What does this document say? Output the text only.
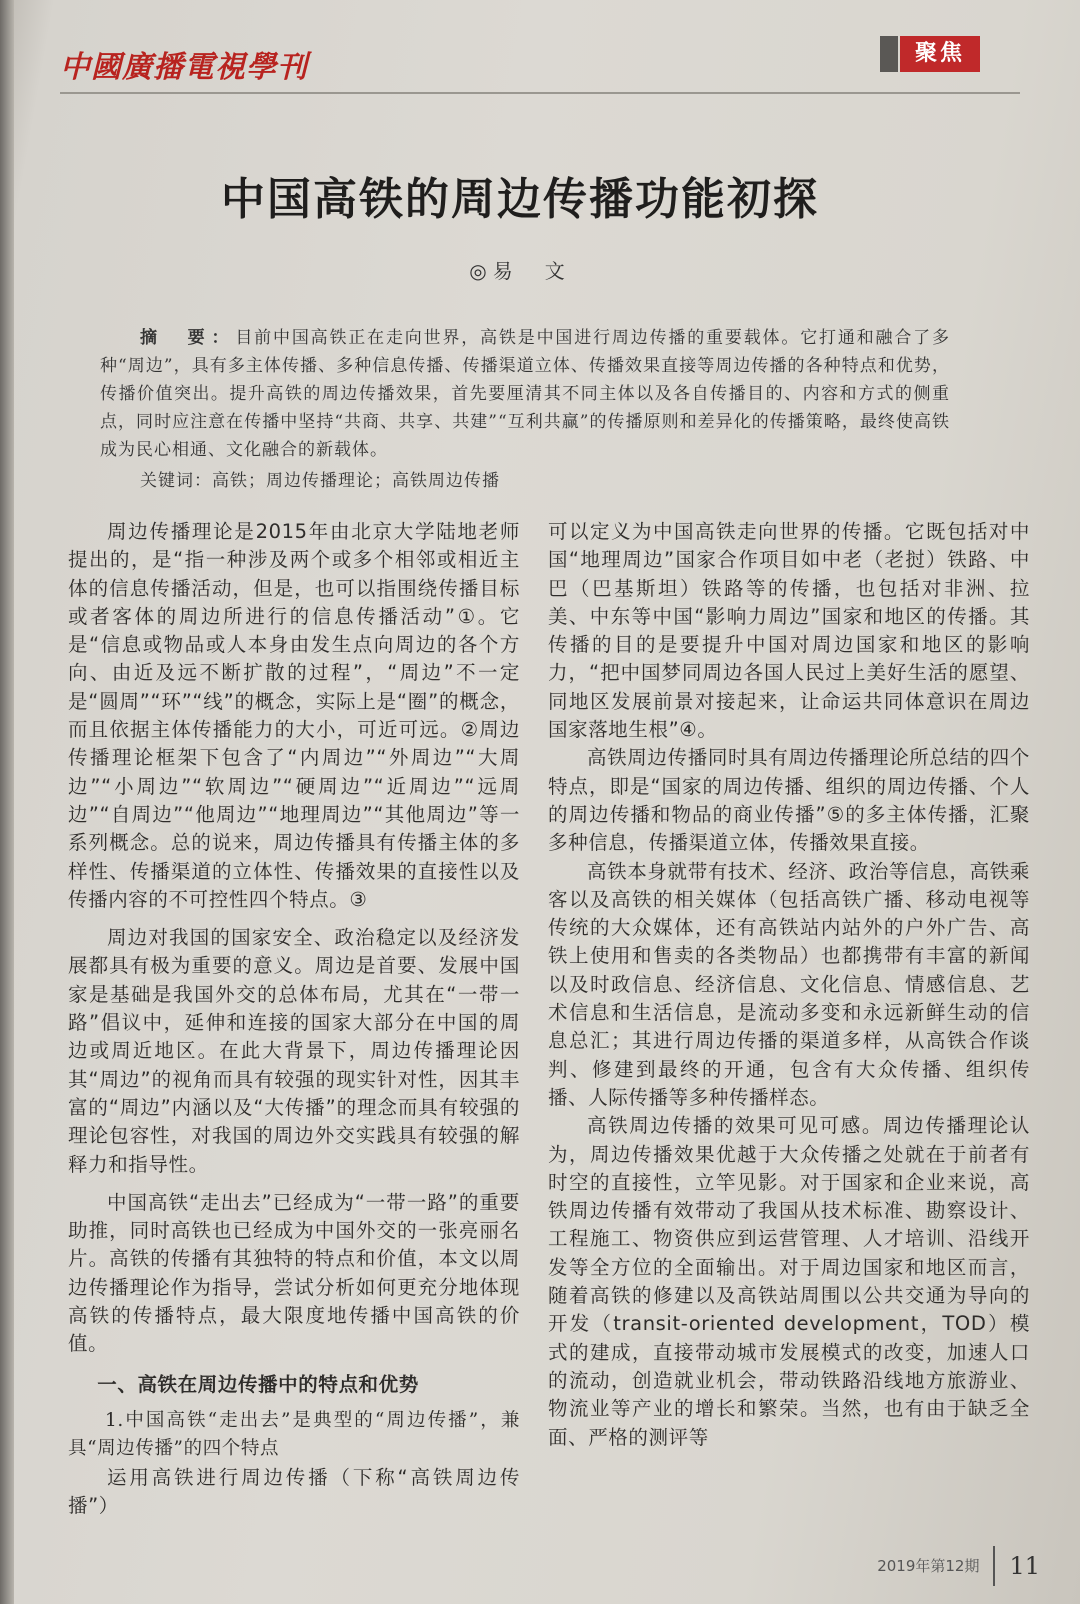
中國廣播電視學刊	聚焦
中国高铁的周边传播功能初探
◎易　文
摘　要：目前中国高铁正在走向世界，高铁是中国进行周边传播的重要载体。它打通和融合了多种“周边”，具有多主体传播、多种信息传播、传播渠道立体、传播效果直接等周边传播的各种特点和优势，传播价值突出。提升高铁的周边传播效果，首先要厘清其不同主体以及各自传播目的、内容和方式的侧重点，同时应注意在传播中坚持“共商、共享、共建”“互利共赢”的传播原则和差异化的传播策略，最终使高铁成为民心相通、文化融合的新载体。
关键词：高铁；周边传播理论；高铁周边传播

周边传播理论是2015年由北京大学陆地老师提出的，是“指一种涉及两个或多个相邻或相近主体的信息传播活动，但是，也可以指围绕传播目标或者客体的周边所进行的信息传播活动”①。它是“信息或物品或人本身由发生点向周边的各个方向、由近及远不断扩散的过程”，“周边”不一定是“圆周”“环”“线”的概念，实际上是“圈”的概念，而且依据主体传播能力的大小，可近可远。②周边传播理论框架下包含了“内周边”“外周边”“大周边”“小周边”“软周边”“硬周边”“近周边”“远周边”“自周边”“他周边”“地理周边”“其他周边”等一系列概念。总的说来，周边传播具有传播主体的多样性、传播渠道的立体性、传播效果的直接性以及传播内容的不可控性四个特点。③

周边对我国的国家安全、政治稳定以及经济发展都具有极为重要的意义。周边是首要、发展中国家是基础是我国外交的总体布局，尤其在“一带一路”倡议中，延伸和连接的国家大部分在中国的周边或周近地区。在此大背景下，周边传播理论因其“周边”的视角而具有较强的现实针对性，因其丰富的“周边”内涵以及“大传播”的理念而具有较强的理论包容性，对我国的周边外交实践具有较强的解释力和指导性。

中国高铁“走出去”已经成为“一带一路”的重要助推，同时高铁也已经成为中国外交的一张亮丽名片。高铁的传播有其独特的特点和价值，本文以周边传播理论作为指导，尝试分析如何更充分地体现高铁的传播特点，最大限度地传播中国高铁的价值。

一、高铁在周边传播中的特点和优势

1.中国高铁“走出去”是典型的“周边传播”，兼具“周边传播”的四个特点

运用高铁进行周边传播（下称“高铁周边传播”）

可以定义为中国高铁走向世界的传播。它既包括对中国“地理周边”国家合作项目如中老（老挝）铁路、中巴（巴基斯坦）铁路等的传播，也包括对非洲、拉美、中东等中国“影响力周边”国家和地区的传播。其传播的目的是要提升中国对周边国家和地区的影响力，“把中国梦同周边各国人民过上美好生活的愿望、同地区发展前景对接起来，让命运共同体意识在周边国家落地生根”④。

高铁周边传播同时具有周边传播理论所总结的四个特点，即是“国家的周边传播、组织的周边传播、个人的周边传播和物品的商业传播”⑤的多主体传播，汇聚多种信息，传播渠道立体，传播效果直接。

高铁本身就带有技术、经济、政治等信息，高铁乘客以及高铁的相关媒体（包括高铁广播、移动电视等传统的大众媒体，还有高铁站内站外的户外广告、高铁上使用和售卖的各类物品）也都携带有丰富的新闻以及时政信息、经济信息、文化信息、情感信息、艺术信息和生活信息，是流动多变和永远新鲜生动的信息总汇；其进行周边传播的渠道多样，从高铁合作谈判、修建到最终的开通，包含有大众传播、组织传播、人际传播等多种传播样态。

高铁周边传播的效果可见可感。周边传播理论认为，周边传播效果优越于大众传播之处就在于前者有时空的直接性，立竿见影。对于国家和企业来说，高铁周边传播有效带动了我国从技术标准、勘察设计、工程施工、物资供应到运营管理、人才培训、沿线开发等全方位的全面输出。对于周边国家和地区而言，随着高铁的修建以及高铁站周围以公共交通为导向的开发（transit-oriented development，TOD）模式的建成，直接带动城市发展模式的改变，加速人口的流动，创造就业机会，带动铁路沿线地方旅游业、物流业等产业的增长和繁荣。当然，也有由于缺乏全面、严格的测评等

2019年第12期 11
